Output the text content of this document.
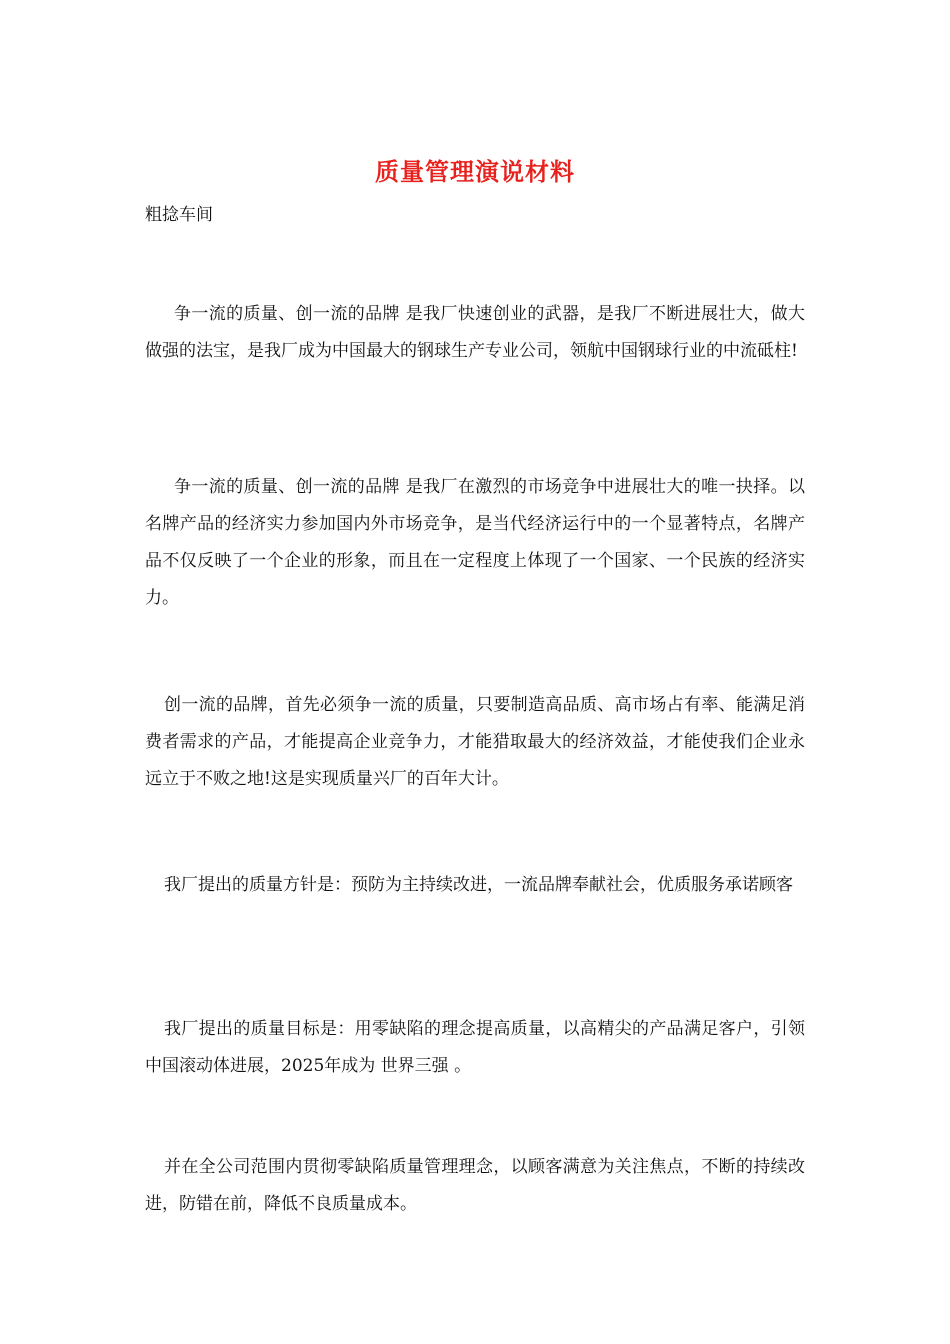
质量管理演说材料
粗捻车间

争一流的质量、创一流的品牌 是我厂快速创业的武器，是我厂不断进展壮大，做大做强的法宝，是我厂成为中国最大的钢球生产专业公司，领航中国钢球行业的中流砥柱!

争一流的质量、创一流的品牌 是我厂在激烈的市场竞争中进展壮大的唯一抉择。以名牌产品的经济实力参加国内外市场竞争，是当代经济运行中的一个显著特点，名牌产品不仅反映了一个企业的形象，而且在一定程度上体现了一个国家、一个民族的经济实力。

创一流的品牌，首先必须争一流的质量，只要制造高品质、高市场占有率、能满足消费者需求的产品，才能提高企业竞争力，才能猎取最大的经济效益，才能使我们企业永远立于不败之地!这是实现质量兴厂的百年大计。

我厂提出的质量方针是：预防为主持续改进，一流品牌奉献社会，优质服务承诺顾客

我厂提出的质量目标是：用零缺陷的理念提高质量，以高精尖的产品满足客户，引领中国滚动体进展，2025年成为 世界三强 。

并在全公司范围内贯彻零缺陷质量管理理念，以顾客满意为关注焦点，不断的持续改进，防错在前，降低不良质量成本。
